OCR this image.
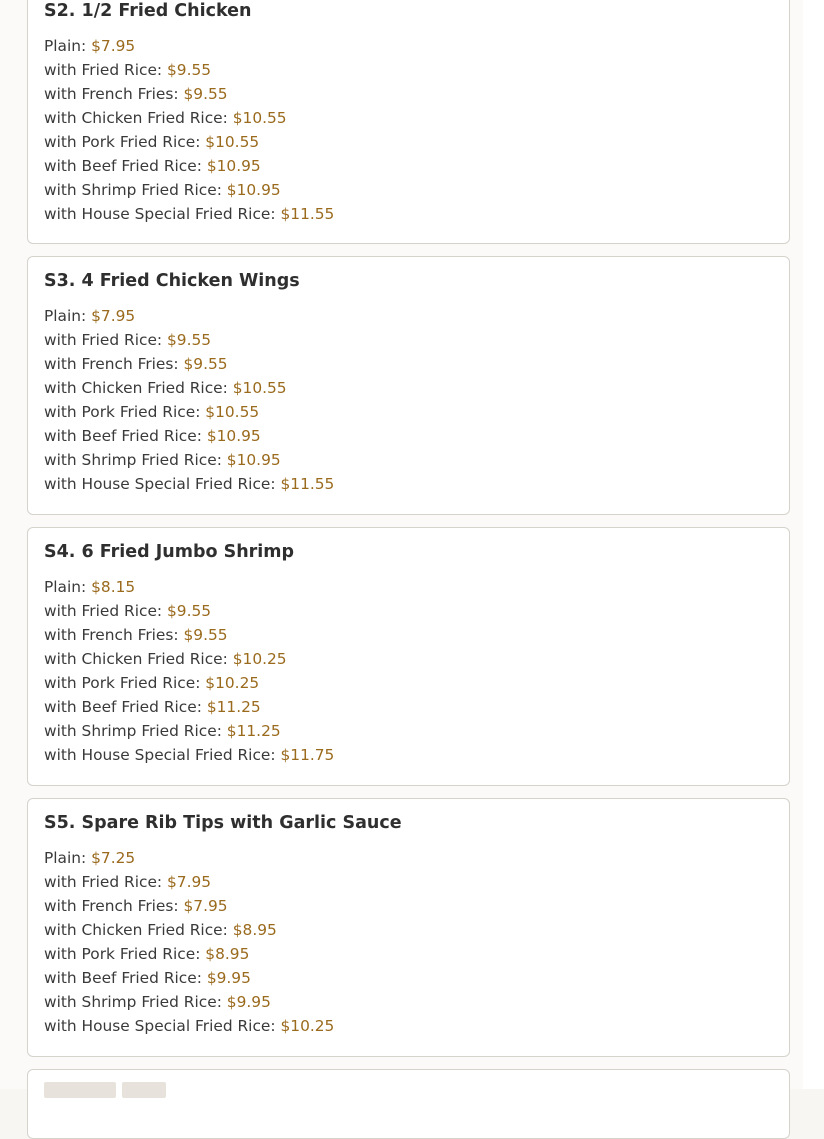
S2. 1/2 Fried Chicken
Plain: $7.95
with Fried Rice: $9.55
with French Fries: $9.55
with Chicken Fried Rice: $10.55
with Pork Fried Rice: $10.55
with Beef Fried Rice: $10.95
with Shrimp Fried Rice: $10.95
with House Special Fried Rice: $11.55
S3. 4 Fried Chicken Wings
Plain: $7.95
with Fried Rice: $9.55
with French Fries: $9.55
with Chicken Fried Rice: $10.55
with Pork Fried Rice: $10.55
with Beef Fried Rice: $10.95
with Shrimp Fried Rice: $10.95
with House Special Fried Rice: $11.55
S4. 6 Fried Jumbo Shrimp
Plain: $8.15
with Fried Rice: $9.55
with French Fries: $9.55
with Chicken Fried Rice: $10.25
with Pork Fried Rice: $10.25
with Beef Fried Rice: $11.25
with Shrimp Fried Rice: $11.25
with House Special Fried Rice: $11.75
S5. Spare Rib Tips with Garlic Sauce
Plain: $7.25
with Fried Rice: $7.95
with French Fries: $7.95
with Chicken Fried Rice: $8.95
with Pork Fried Rice: $8.95
with Beef Fried Rice: $9.95
with Shrimp Fried Rice: $9.95
with House Special Fried Rice: $10.25
